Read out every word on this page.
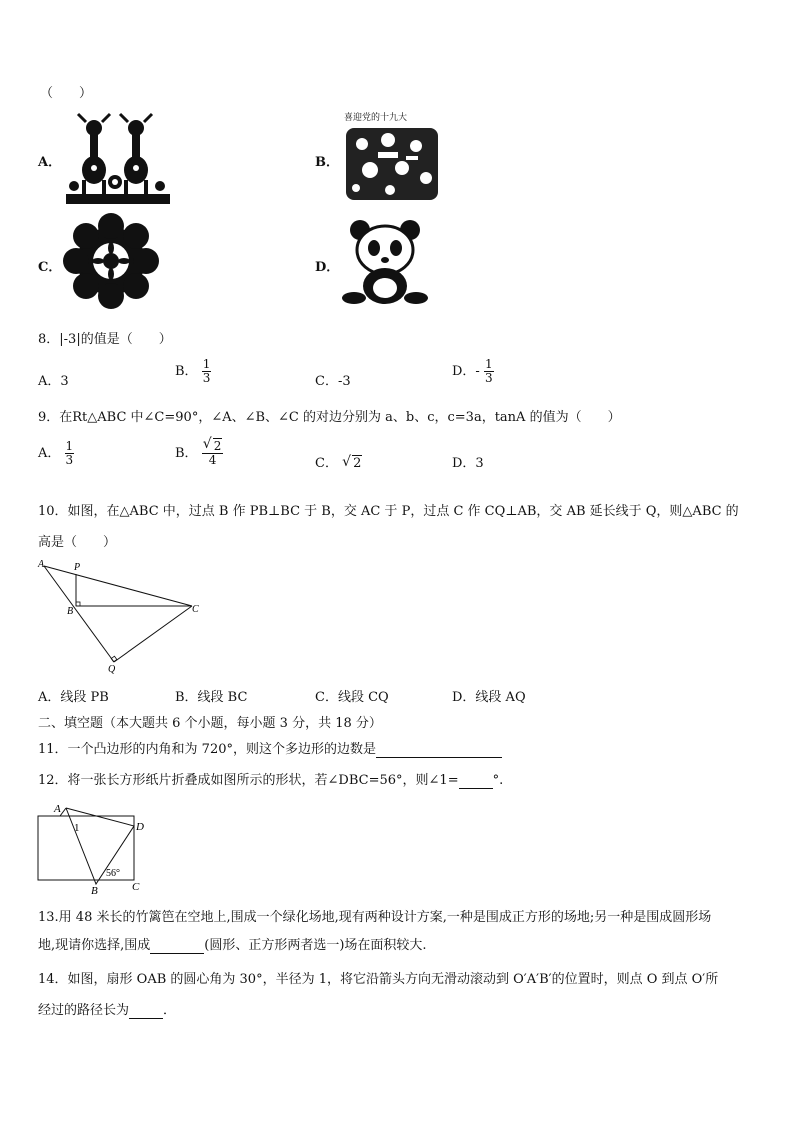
（　　）
A．	B．
喜迎党的十九大
C．	D．
8．|-3|的值是（　　）
A．3
B． $\frac{1}{3}$	C．-3
D．- $\frac{1}{3}$
9．在Rt△ABC 中∠C=90°，∠A、∠B、∠C 的对边分别为 a、b、c，c=3a，tanA 的值为（　　）
A． $\frac{1}{3}$	B． √ $\frac{2}{4}$	C． √ 2	D．3
10．如图，在△ABC 中，过点 B 作 PB⊥BC 于 B，交 AC 于 P，过点 C 作 CQ⊥AB，交 AB 延长线于 Q，则△ABC 的
高是（　　）
A	P
B	C
Q
A．线段 PB	B．线段 BC	C．线段 CQ	D．线段 AQ
二、填空题（本大题共 6 个小题，每小题 3 分，共 18 分）
11．一个凸边形的内角和为 720°，则这个多边形的边数是
12．将一张长方形纸片折叠成如图所示的形状，若∠DBC=56°，则∠1=	°.
A
1	D
56°
B	C
13.用 48 米长的竹篱笆在空地上,围成一个绿化场地,现有两种设计方案,一种是围成正方形的场地;另一种是围成圆形场
地,现请你选择,围成	(圆形、正方形两者选一)场在面积较大.
14．如图，扇形 OAB 的圆心角为 30°，半径为 1，将它沿箭头方向无滑动滚动到 O′A′B′的位置时，则点 O 到点 O′所
经过的路径长为	．
